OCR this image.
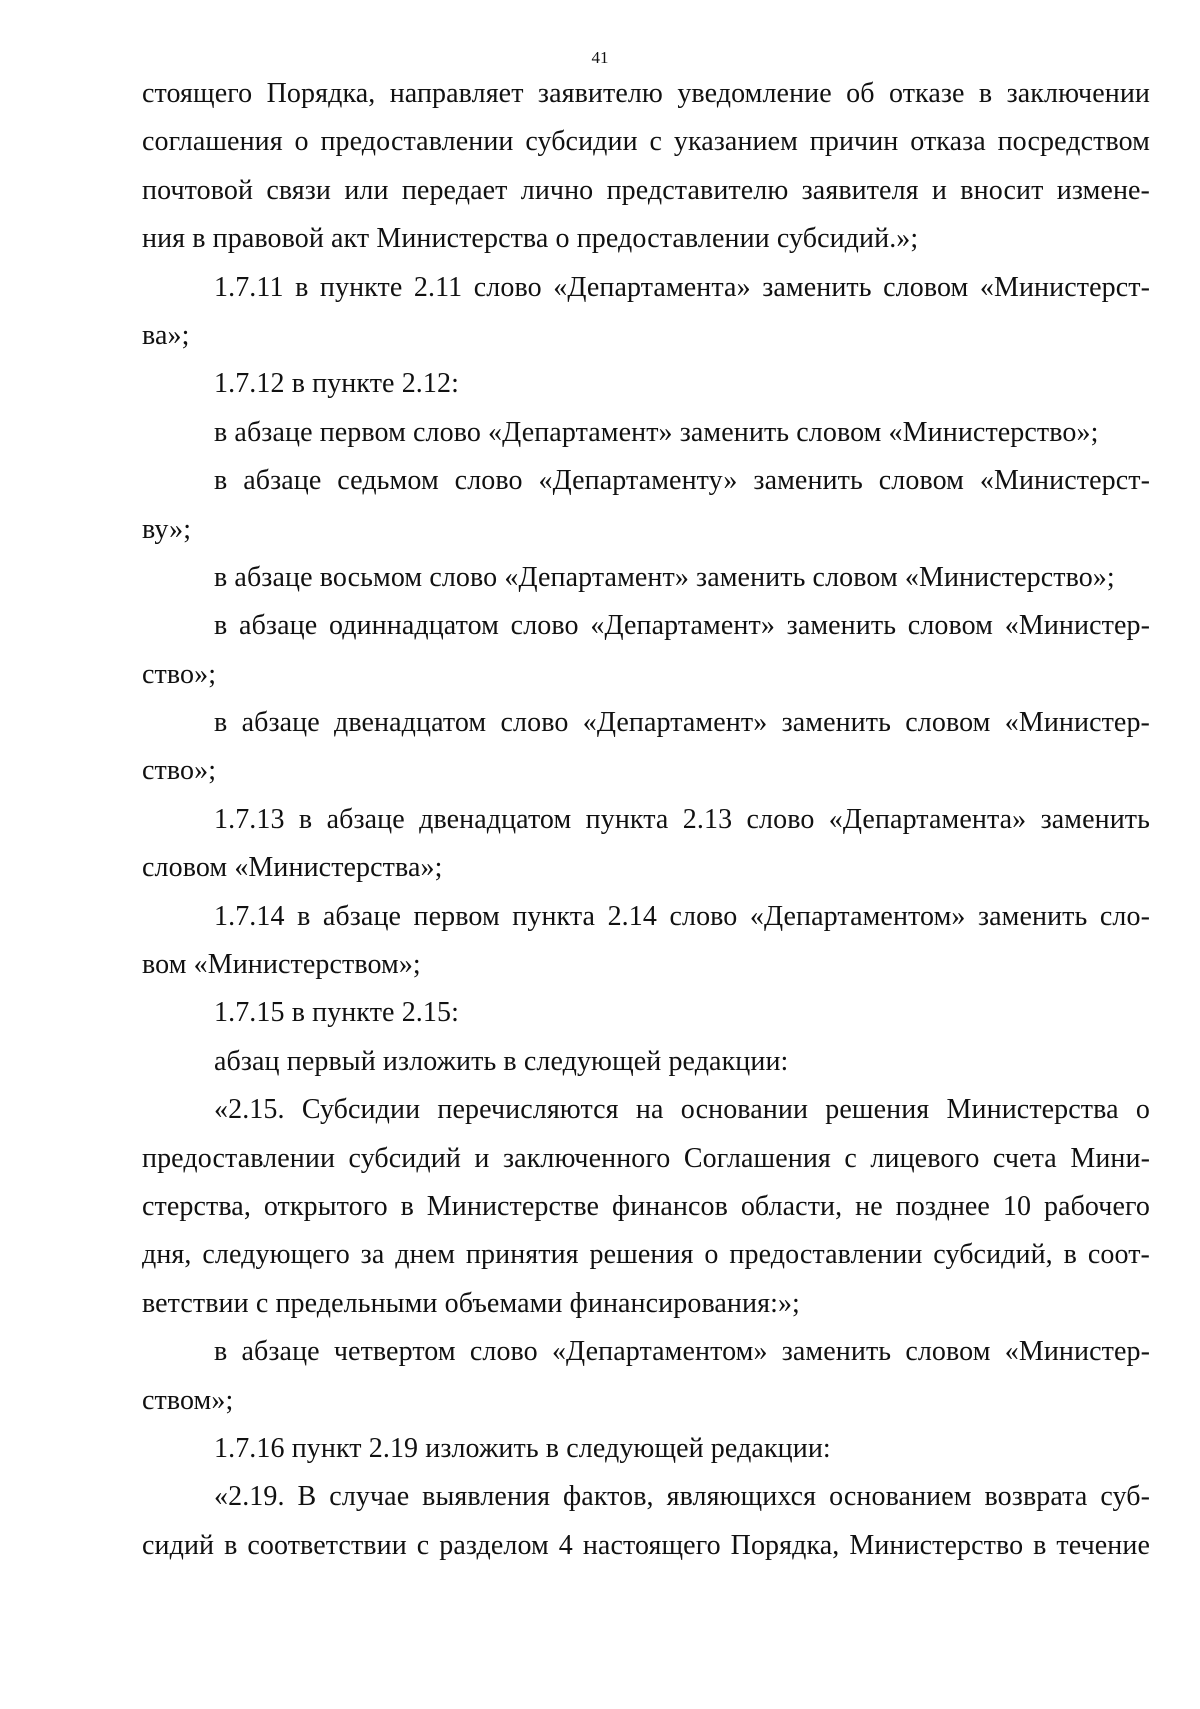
41
стоящего Порядка, направляет заявителю уведомление об отказе в заключении
соглашения о предоставлении субсидии с указанием причин отказа посредством
почтовой связи или передает лично представителю заявителя и вносит измене-
ния в правовой акт Министерства о предоставлении субсидий.»;
1.7.11 в пункте 2.11 слово «Департамента» заменить словом «Министерст-
ва»;
1.7.12 в пункте 2.12:
в абзаце первом слово «Департамент» заменить словом «Министерство»;
в абзаце седьмом слово «Департаменту» заменить словом «Министерст-
ву»;
в абзаце восьмом слово «Департамент» заменить словом «Министерство»;
в абзаце одиннадцатом слово «Департамент» заменить словом «Министер-
ство»;
в абзаце двенадцатом слово «Департамент» заменить словом «Министер-
ство»;
1.7.13 в абзаце двенадцатом пункта 2.13 слово «Департамента» заменить
словом «Министерства»;
1.7.14 в абзаце первом пункта 2.14 слово «Департаментом» заменить сло-
вом «Министерством»;
1.7.15 в пункте 2.15:
абзац первый изложить в следующей редакции:
«2.15. Субсидии перечисляются на основании решения Министерства о
предоставлении субсидий и заключенного Соглашения с лицевого счета Мини-
стерства, открытого в Министерстве финансов области, не позднее 10 рабочего
дня, следующего за днем принятия решения о предоставлении субсидий, в соот-
ветствии с предельными объемами финансирования:»;
в абзаце четвертом слово «Департаментом» заменить словом «Министер-
ством»;
1.7.16 пункт 2.19 изложить в следующей редакции:
«2.19. В случае выявления фактов, являющихся основанием возврата суб-
сидий в соответствии с разделом 4 настоящего Порядка, Министерство в течение
